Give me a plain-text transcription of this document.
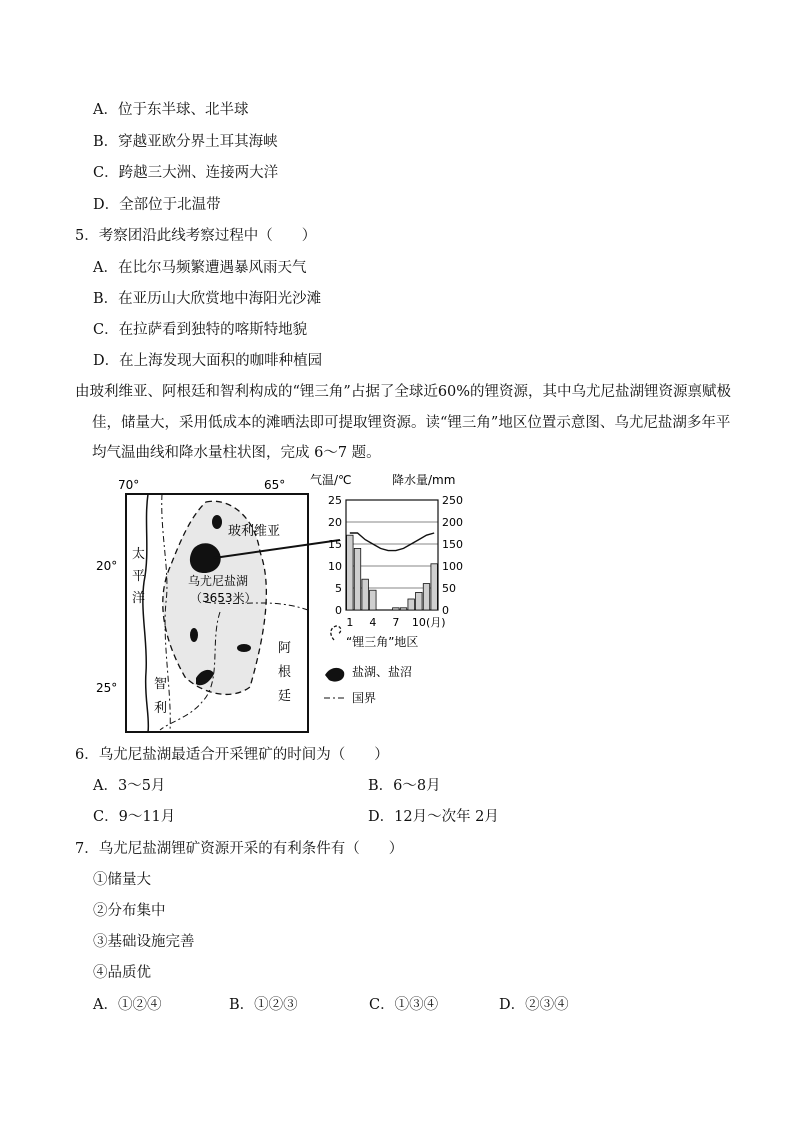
A．位于东半球、北半球
B．穿越亚欧分界土耳其海峡
C．跨越三大洲、连接两大洋
D．全部位于北温带
5．考察团沿此线考察过程中（　　）
A．在比尔马频繁遭遇暴风雨天气
B．在亚历山大欣赏地中海阳光沙滩
C．在拉萨看到独特的喀斯特地貌
D．在上海发现大面积的咖啡种植园
由玻利维亚、阿根廷和智利构成的“锂三角”占据了全球近60%的锂资源，其中乌尤尼盐湖锂资源禀赋极
佳，储量大，采用低成本的滩晒法即可提取锂资源。读“锂三角”地区位置示意图、乌尤尼盐湖多年平
均气温曲线和降水量柱状图，完成 6～7 题。
70°	65°
20°
25°
太
平
洋
玻利维亚
乌尤尼盐湖
（3653米）
阿
根
廷
智
利
气温/℃	降水量/mm
25
20
15
10
5
0
250
200
150
100
50
0
1 4 7 10 (月)
“锂三角”地区
盐湖、盐沼
国界
6．乌尤尼盐湖最适合开采锂矿的时间为（　　）
A．3～5月	B．6～8月
C．9～11月	D．12月～次年 2月
7．乌尤尼盐湖锂矿资源开采的有利条件有（　　）
①储量大
②分布集中
③基础设施完善
④品质优
A．①②④	B．①②③	C．①③④	D．②③④
